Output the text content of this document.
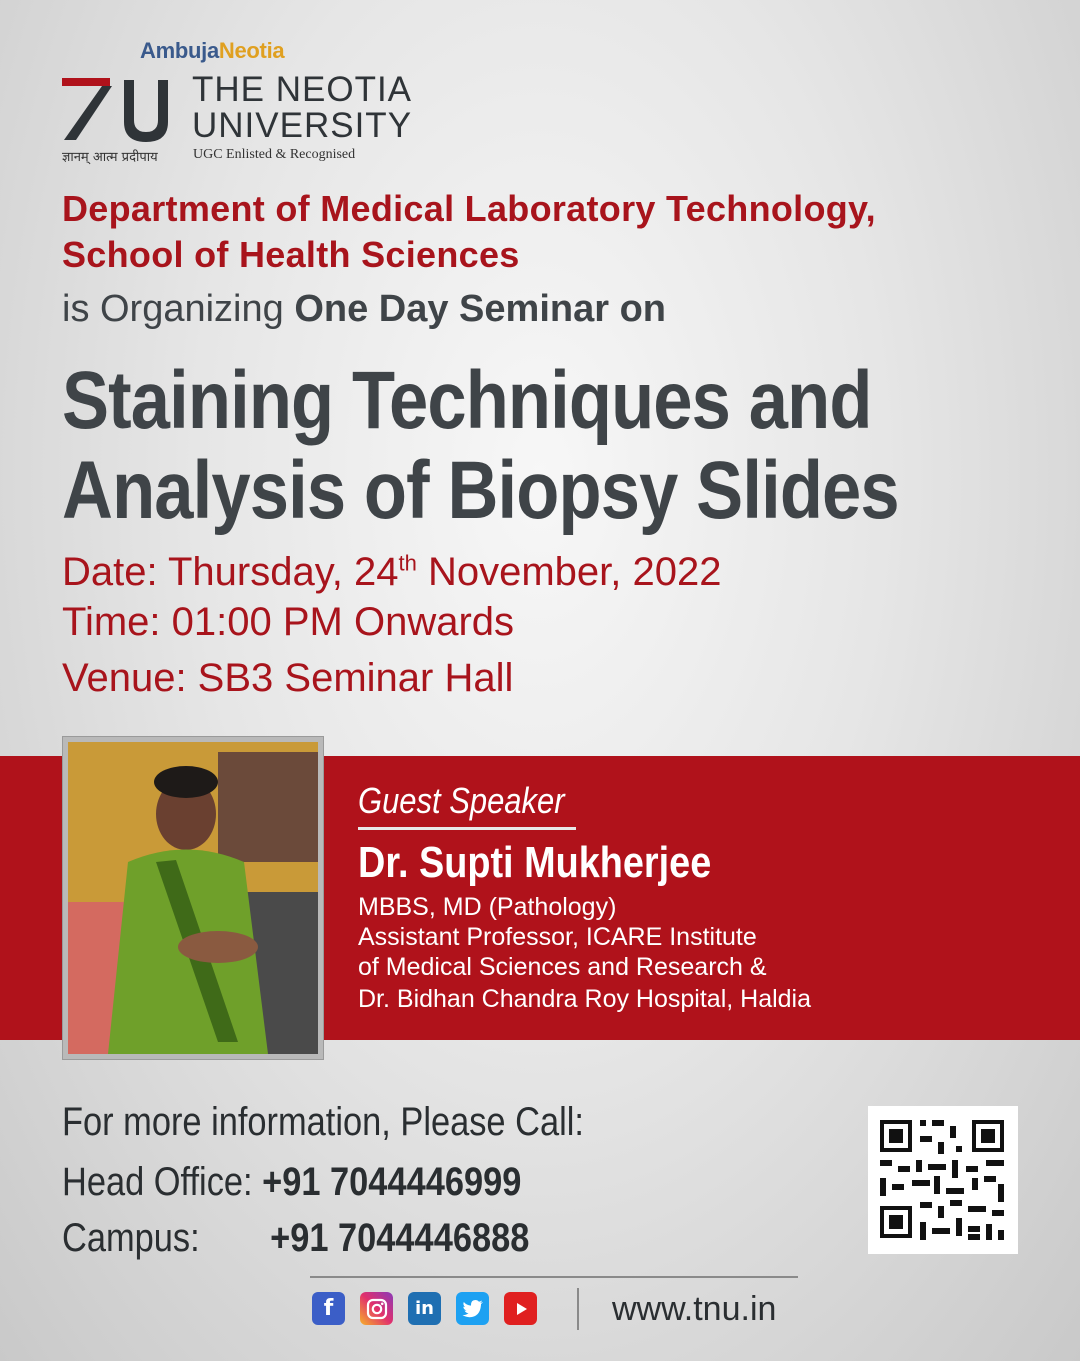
AmbujaNeotia
THE NEOTIA
UNIVERSITY
ज्ञानम् आत्म प्रदीपाय	UGC Enlisted & Recognised
Department of Medical Laboratory Technology,
School of Health Sciences
is Organizing One Day Seminar on
Staining Techniques and
Analysis of Biopsy Slides
Date: Thursday, 24th November, 2022
Time: 01:00 PM Onwards
Venue: SB3 Seminar Hall
Guest Speaker
Dr. Supti Mukherjee
MBBS, MD (Pathology)
Assistant Professor, ICARE Institute
of Medical Sciences and Research &
Dr. Bidhan Chandra Roy Hospital, Haldia
For more information, Please Call:
Head Office: +91 7044446999
Campus: +91 7044446888
f	in	www.tnu.in
